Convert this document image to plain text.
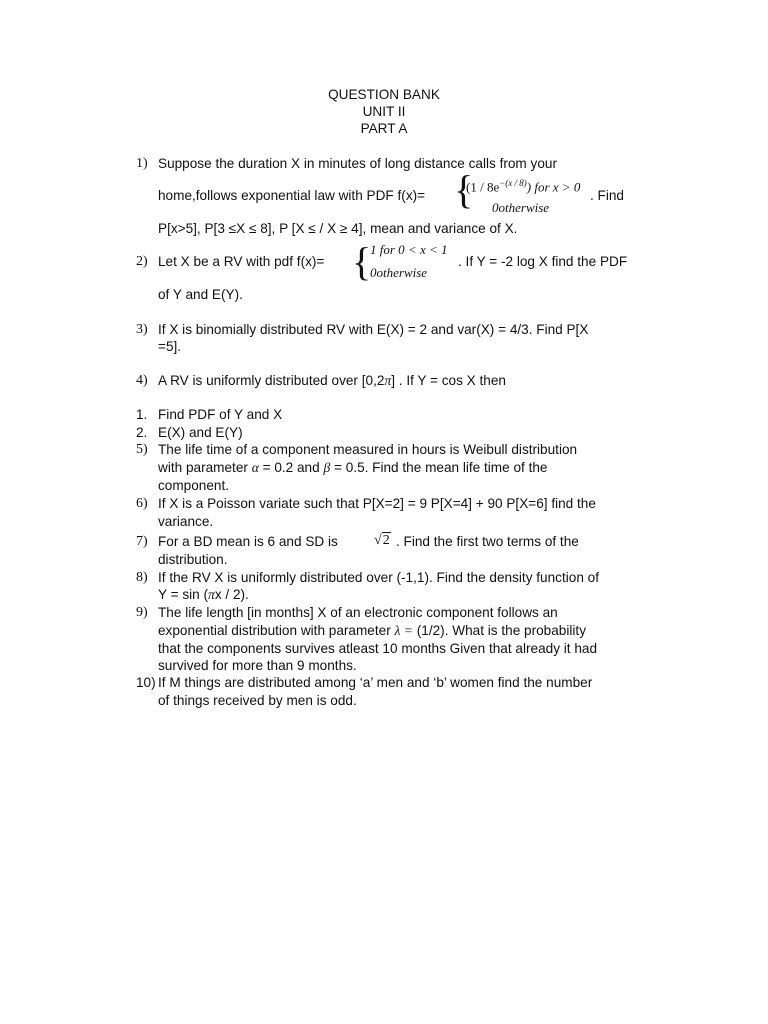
QUESTION BANK
UNIT II
PART A
1) Suppose the duration X in minutes of long distance calls from your
home,follows exponential law with PDF f(x)= {
$(1 / 8e^{-(x / 8)})$ for x > 0
0otherwise
. Find
P[x>5], P[3 ≤X ≤ 8], P [X ≤ / X ≥ 4], mean and variance of X.
2) Let X be a RV with pdf f(x)= {
1 for 0 < x < 1
0otherwise
. If Y = -2 log X find the PDF
of Y and E(Y).
3) If X is binomially distributed RV with E(X) = 2 and var(X) = 4/3. Find P[X
=5].
4) A RV is uniformly distributed over [0,2π] . If Y = cos X then
1. Find PDF of Y and X
2. E(X) and E(Y)
5) The life time of a component measured in hours is Weibull distribution
with parameter α = 0.2 and β = 0.5. Find the mean life time of the
component.
6) If X is a Poisson variate such that P[X=2] = 9 P[X=4] + 90 P[X=6] find the
variance.
7) For a BD mean is 6 and SD is	√2 . Find the first two terms of the
distribution.
8) If the RV X is uniformly distributed over (-1,1). Find the density function of
Y = sin (πx / 2).
9) The life length [in months] X of an electronic component follows an
exponential distribution with parameter λ = (1/2). What is the probability
that the components survives atleast 10 months Given that already it had
survived for more than 9 months.
10) If M things are distributed among ‘a’ men and ‘b’ women find the number
of things received by men is odd.
